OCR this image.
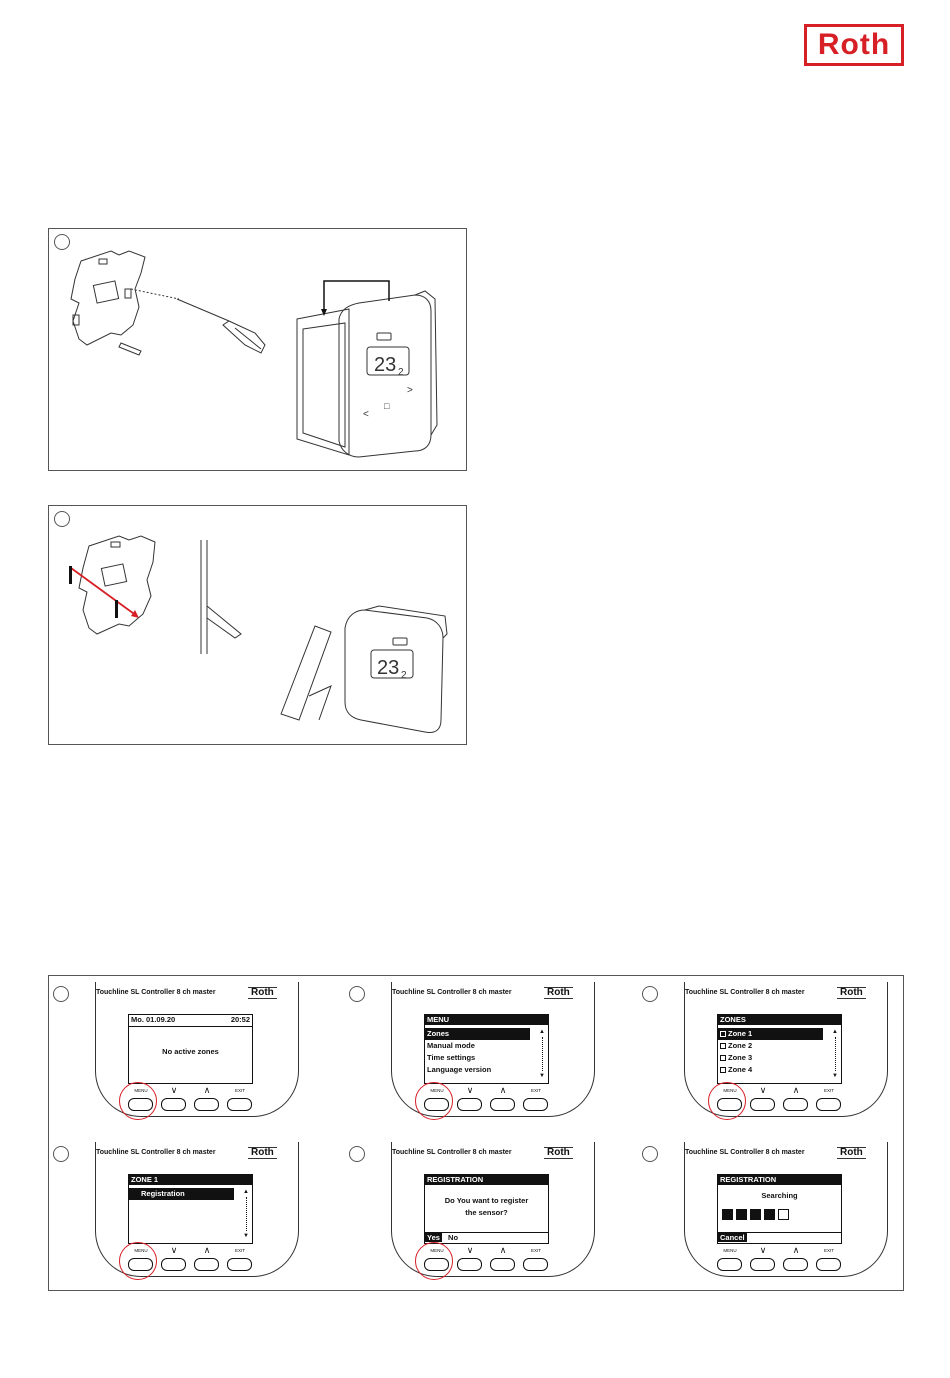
Roth
23 2
<
□
>
23 2
Touchline SL Controller 8 ch master	Roth
Mo. 01.09.20	20:52
No active zones
MENU	∨	∧	EXIT
Touchline SL Controller 8 ch master	Roth
MENU
Zones
Manual mode
Time settings
Language version
▲
▼
MENU	∨	∧	EXIT
Touchline SL Controller 8 ch master	Roth
ZONES
Zone 1
Zone 2
Zone 3
Zone 4
▲
▼
MENU	∨	∧	EXIT
Touchline SL Controller 8 ch master	Roth
ZONE 1
Registration	▲
▼
MENU	∨	∧	EXIT
Touchline SL Controller 8 ch master	Roth
REGISTRATION
Do You want to register
the sensor?
Yes No
MENU	∨	∧	EXIT
Touchline SL Controller 8 ch master	Roth
REGISTRATION
Searching
Cancel
MENU	∨	∧	EXIT
